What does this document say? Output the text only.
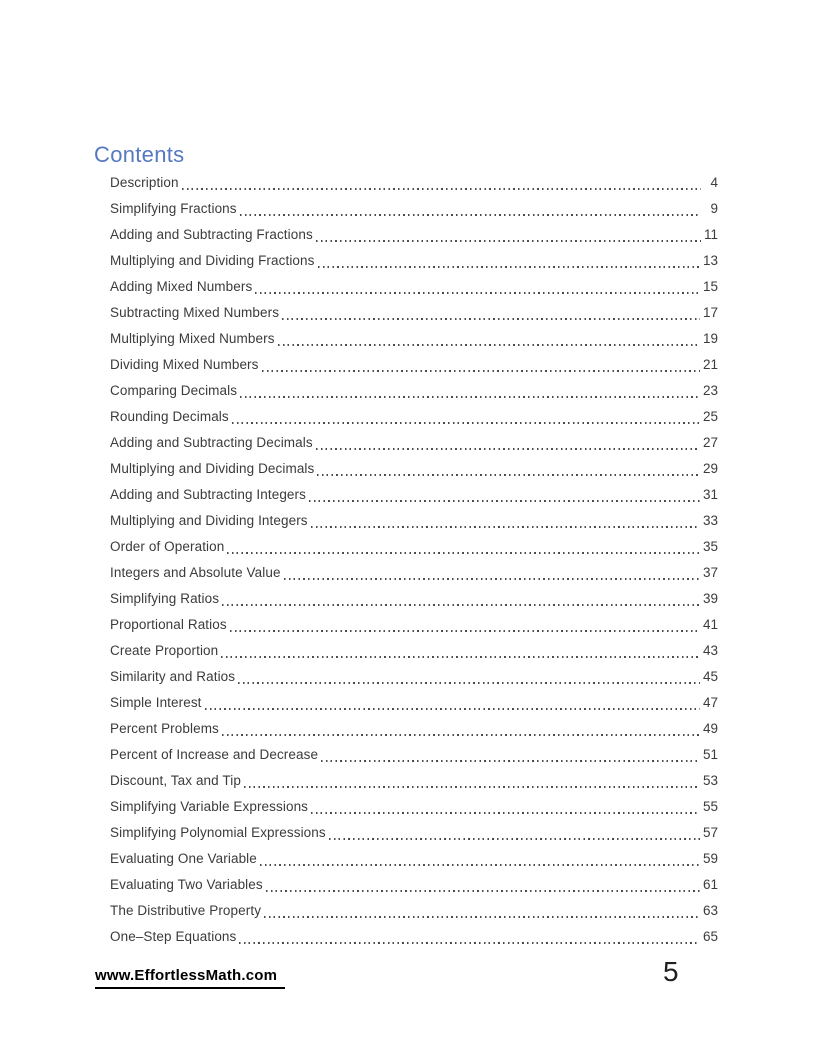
Contents
Description	4
Simplifying Fractions	9
Adding and Subtracting Fractions	11
Multiplying and Dividing Fractions	13
Adding Mixed Numbers	15
Subtracting Mixed Numbers	17
Multiplying Mixed Numbers	19
Dividing Mixed Numbers	21
Comparing Decimals	23
Rounding Decimals	25
Adding and Subtracting Decimals	27
Multiplying and Dividing Decimals	29
Adding and Subtracting Integers	31
Multiplying and Dividing Integers	33
Order of Operation	35
Integers and Absolute Value	37
Simplifying Ratios	39
Proportional Ratios	41
Create Proportion	43
Similarity and Ratios	45
Simple Interest	47
Percent Problems	49
Percent of Increase and Decrease	51
Discount, Tax and Tip	53
Simplifying Variable Expressions	55
Simplifying Polynomial Expressions	57
Evaluating One Variable	59
Evaluating Two Variables	61
The Distributive Property	63
One–Step Equations	65
www.EffortlessMath.com	5
